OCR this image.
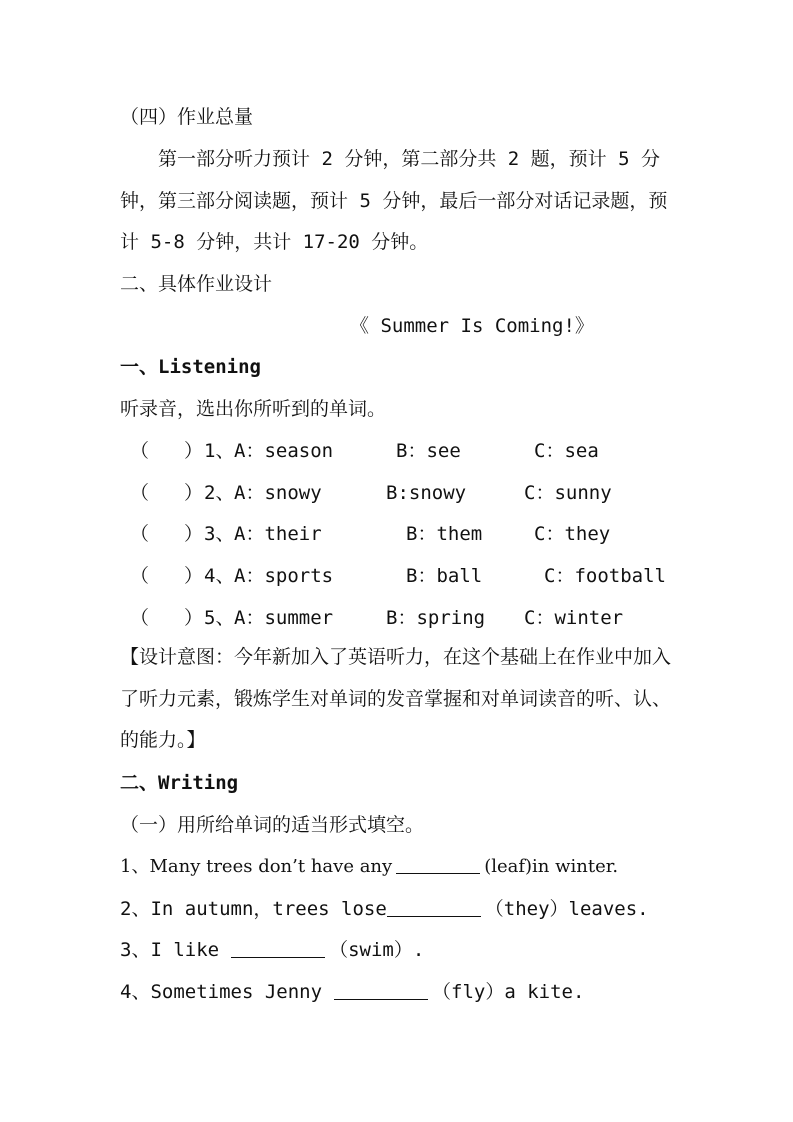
（四）作业总量
第一部分听力预计 2 分钟，第二部分共 2 题，预计 5 分钟，第三部分阅读题，预计 5 分钟，最后一部分对话记录题，预计 5-8 分钟，共计 17-20 分钟。
二、具体作业设计
《 Summer Is Coming!》
一、Listening
听录音，选出你所听到的单词。
（ ） 1、 A：season	B：see	C：sea
（ ） 2、 A：snowy	B:snowy	C：sunny
（ ） 3、 A：their	B：them	C：they
（ ） 4、 A：sports	B：ball	C：football
（ ） 5、 A：summer	B：spring C：winter
【设计意图：今年新加入了英语听力，在这个基础上在作业中加入了听力元素，锻炼学生对单词的发音掌握和对单词读音的听、认、的能力。】
二、Writing
（一）用所给单词的适当形式填空。
1、Many trees don’t have any	(leaf)in winter.
2、In autumn，trees lose	（they）leaves.
3、I like	（swim）.
4、Sometimes Jenny	（fly）a kite.
